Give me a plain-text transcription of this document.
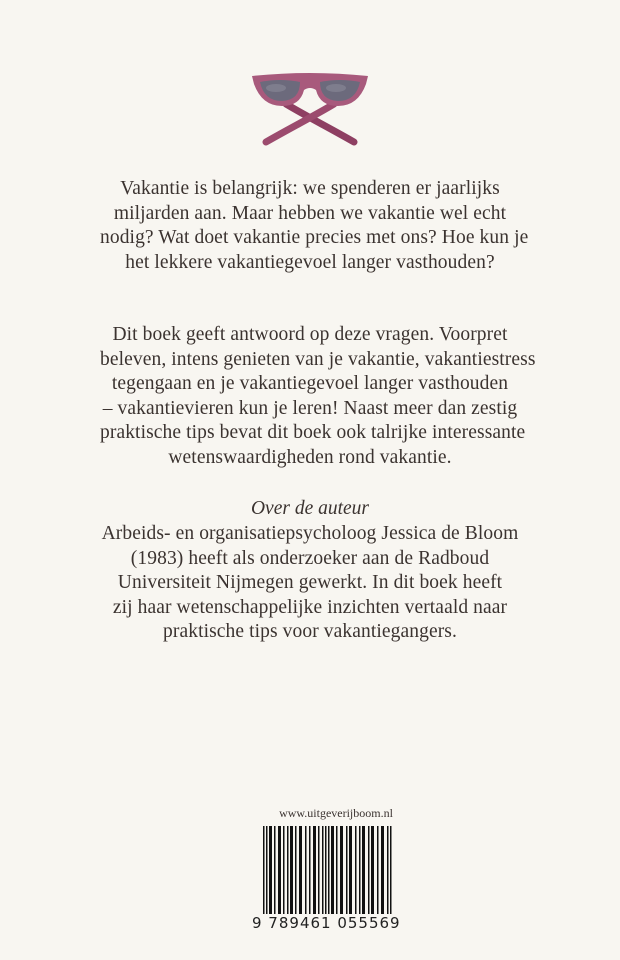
Vakantie is belangrijk: we spenderen er jaarlijks
miljarden aan. Maar hebben we vakantie wel echt
nodig? Wat doet vakantie precies met ons? Hoe kun je
het lekkere vakantiegevoel langer vasthouden?
Dit boek geeft antwoord op deze vragen. Voorpret
beleven, intens genieten van je vakantie, vakantiestress
tegengaan en je vakantiegevoel langer vasthouden
– vakantievieren kun je leren! Naast meer dan zestig
praktische tips bevat dit boek ook talrijke interessante
wetenswaardigheden rond vakantie.
Over de auteur
Arbeids- en organisatiepsycholoog Jessica de Bloom
(1983) heeft als onderzoeker aan de Radboud
Universiteit Nijmegen gewerkt. In dit boek heeft
zij haar wetenschappelijke inzichten vertaald naar
praktische tips voor vakantiegangers.
www.uitgeverijboom.nl
9 789461 055569
